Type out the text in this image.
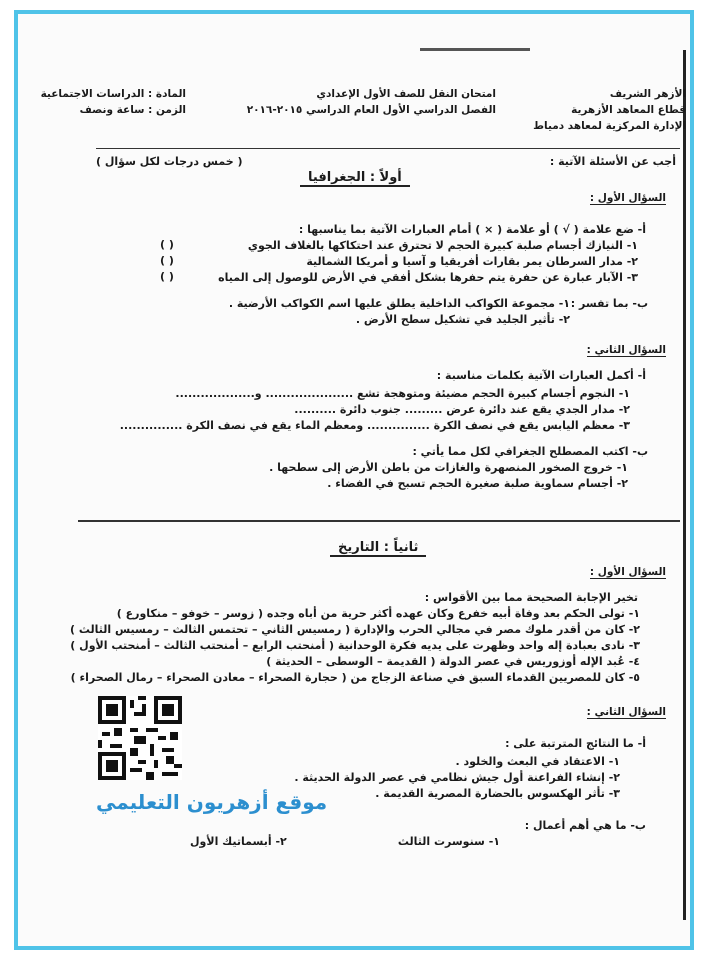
الأزهر الشريف
قطاع المعاهد الأزهرية
الإدارة المركزية لمعاهد دمياط
امتحان النقل للصف الأول الإعدادي
الفصل الدراسي الأول العام الدراسي ٢٠١٥-٢٠١٦
المادة : الدراسات الاجتماعية
الزمن : ساعة ونصف
أجب عن الأسئلة الآتية :
( خمس درجات لكل سؤال )
أولاً : الجغرافيا
السؤال الأول :
أ- ضع علامة ( √ ) أو علامة ( × ) أمام العبارات الآتية بما يناسبها :
١- النيازك أجسام صلبة كبيرة الحجم لا تحترق عند احتكاكها بالغلاف الجوي
( )
٢- مدار السرطان يمر بقارات أفريقيا و آسيا و أمريكا الشمالية
( )
٣- الآبار عبارة عن حفرة يتم حفرها بشكل أفقي في الأرض للوصول إلى المياه
( )
ب- بما تفسر :
١- مجموعة الكواكب الداخلية يطلق عليها اسم الكواكب الأرضية .
٢- تأثير الجليد في تشكيل سطح الأرض .
السؤال الثاني :
أ- أكمل العبارات الآتية بكلمات مناسبة :
١- النجوم أجسام كبيرة الحجم مضيئة ومتوهجة تشع ..................... و...................
٢- مدار الجدي يقع عند دائرة عرض ......... جنوب دائرة ..........
٣- معظم اليابس يقع في نصف الكرة ............... ومعظم الماء يقع في نصف الكرة ...............
ب- اكتب المصطلح الجغرافي لكل مما يأتي :
١- خروج الصخور المنصهرة والغازات من باطن الأرض إلى سطحها .
٢- أجسام سماوية صلبة صغيرة الحجم تسبح في الفضاء .
ثانياً : التاريخ
السؤال الأول :
تخير الإجابة الصحيحة مما بين الأقواس :
١- تولى الحكم بعد وفاة أبيه خفرع وكان عهده أكثر حرية من أباه وجده ( زوسر – خوفو – منكاورع )
٢- كان من أقدر ملوك مصر في مجالي الحرب والإدارة ( رمسيس الثاني – تحتمس الثالث – رمسيس الثالث )
٣- نادى بعبادة إله واحد وظهرت على يديه فكرة الوحدانية ( أمنحتب الرابع – أمنحتب الثالث – أمنحتب الأول )
٤- عُبد الإله أوزوريس في عصر الدولة ( القديمة – الوسطى – الحديثة )
٥- كان للمصريين القدماء السبق في صناعة الزجاج من ( حجارة الصحراء – معادن الصحراء – رمال الصحراء )
السؤال الثاني :
أ- ما النتائج المترتبة على :
١- الاعتقاد في البعث والخلود .
٢- إنشاء الفراعنة أول جيش نظامي في عصر الدولة الحديثة .
٣- تأثر الهكسوس بالحضارة المصرية القديمة .
ب- ما هي أهم أعمال :
١- سنوسرت الثالث
٢- أبسماتيك الأول
موقع أزهريون التعليمي
